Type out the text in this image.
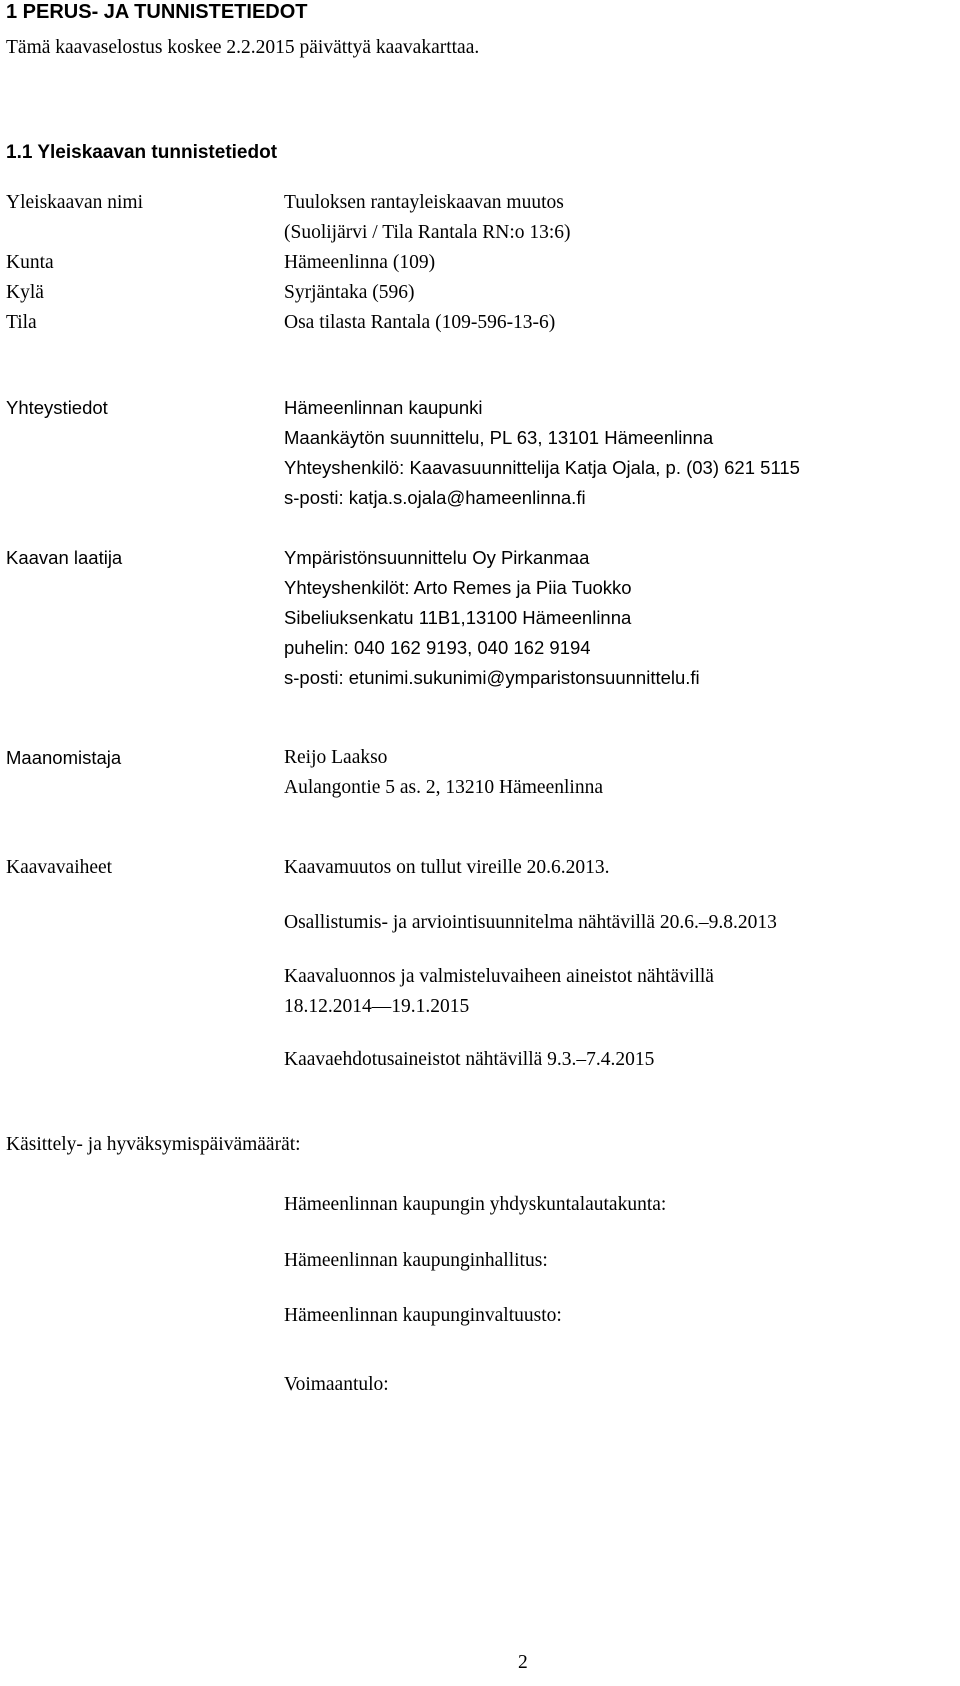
1 PERUS- JA TUNNISTETIEDOT
Tämä kaavaselostus koskee 2.2.2015 päivättyä kaavakarttaa.
1.1 Yleiskaavan tunnistetiedot
Yleiskaavan nimi	Tuuloksen rantayleiskaavan muutos
(Suolijärvi / Tila Rantala RN:o 13:6)
Kunta	Hämeenlinna (109)
Kylä	Syrjäntaka (596)
Tila	Osa tilasta Rantala (109-596-13-6)
Yhteystiedot	Hämeenlinnan kaupunki
Maankäytön suunnittelu, PL 63, 13101 Hämeenlinna
Yhteyshenkilö: Kaavasuunnittelija Katja Ojala, p. (03) 621 5115
s-posti: katja.s.ojala@hameenlinna.fi
Kaavan laatija	Ympäristönsuunnittelu Oy Pirkanmaa
Yhteyshenkilöt: Arto Remes ja Piia Tuokko
Sibeliuksenkatu 11B1,13100 Hämeenlinna
puhelin: 040 162 9193, 040 162 9194
s-posti: etunimi.sukunimi@ymparistonsuunnittelu.fi
Maanomistaja	Reijo Laakso
Aulangontie 5 as. 2, 13210 Hämeenlinna
Kaavavaiheet	Kaavamuutos on tullut vireille 20.6.2013.
Osallistumis- ja arviointisuunnitelma nähtävillä 20.6.–9.8.2013
Kaavaluonnos ja valmisteluvaiheen aineistot nähtävillä
18.12.2014—19.1.2015
Kaavaehdotusaineistot nähtävillä 9.3.–7.4.2015
Käsittely- ja hyväksymispäivämäärät:
Hämeenlinnan kaupungin yhdyskuntalautakunta:
Hämeenlinnan kaupunginhallitus:
Hämeenlinnan kaupunginvaltuusto:
Voimaantulo:
2
